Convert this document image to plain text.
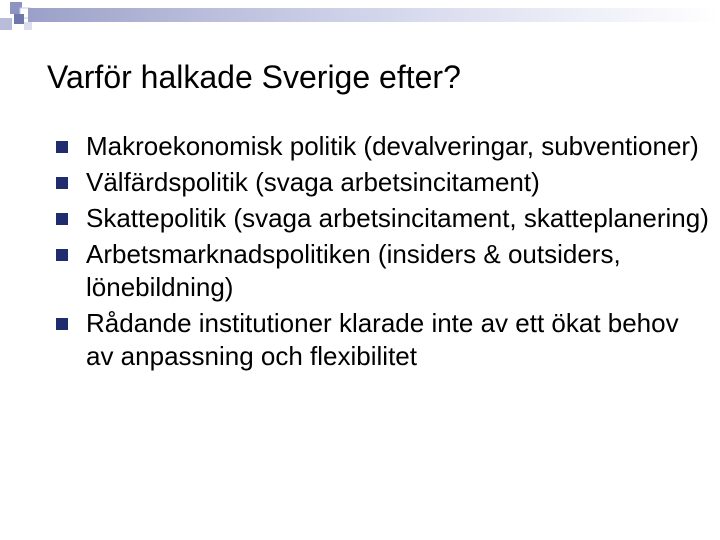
Varför halkade Sverige efter?
Makroekonomisk politik (devalveringar, subventioner)
Välfärdspolitik (svaga arbetsincitament)
Skattepolitik (svaga arbetsincitament, skatteplanering)
Arbetsmarknadspolitiken (insiders & outsiders, lönebildning)
Rådande institutioner klarade inte av ett ökat behov av anpassning och flexibilitet
